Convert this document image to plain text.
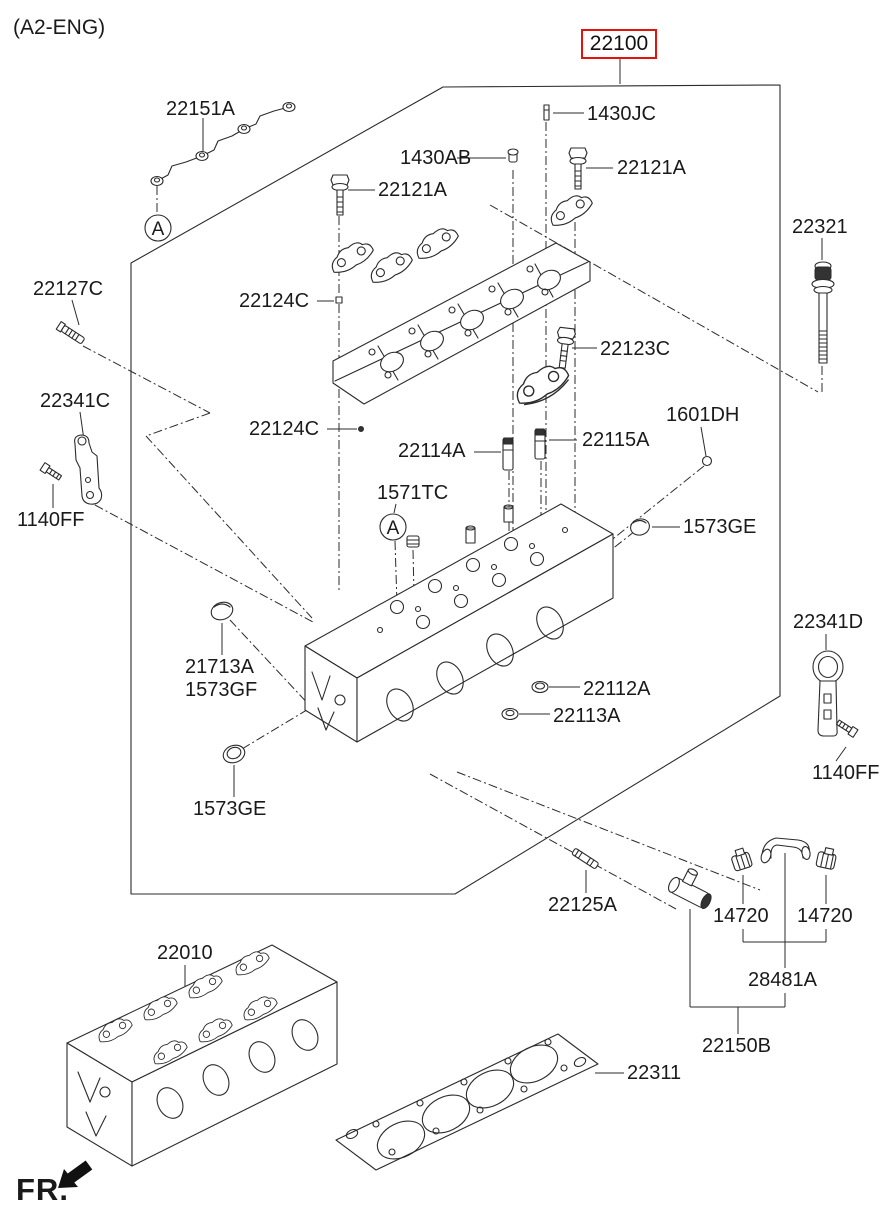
A
A
(A2-ENG)
22100
22151A	1430JC
1430AB
22121A
22121A
22321
22127C
22124C
22123C
22341C
1601DH
22124C
22114A	22115A
1571TC
1140FF	1573GE
21713A
1573GF
22341D
22112A
22113A
1140FF
1573GE
22125A	14720 14720
22010
28481A
22150B
22311
FR.
